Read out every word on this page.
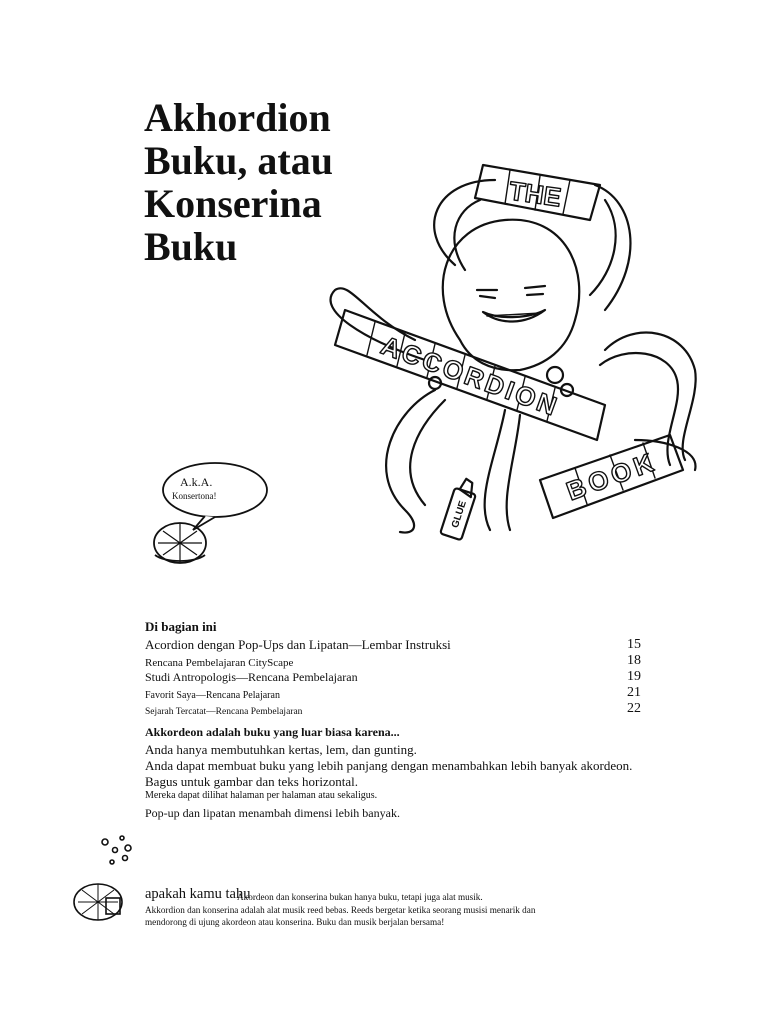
Akhordion
Buku, atau
Konserina
Buku
THE
ACCORDION
BOOK
GLUE
A.k.A.
Konsertona!
Di bagian ini
Acordion dengan Pop-Ups dan Lipatan—Lembar Instruksi	15
Rencana Pembelajaran CityScape	18
Studi Antropologis—Rencana Pembelajaran	19
Favorit Saya—Rencana Pelajaran	21
Sejarah Tercatat—Rencana Pembelajaran	22
Akkordeon adalah buku yang luar biasa karena...
Anda hanya membutuhkan kertas, lem, dan gunting.
Anda dapat membuat buku yang lebih panjang dengan menambahkan lebih banyak akordeon.
Bagus untuk gambar dan teks horizontal.
Mereka dapat dilihat halaman per halaman atau sekaligus.
Pop-up dan lipatan menambah dimensi lebih banyak.
apakah kamu tahu
Akordeon dan konserina bukan hanya buku, tetapi juga alat musik.
Akkordion dan konserina adalah alat musik reed bebas. Reeds bergetar ketika seorang musisi menarik dan
mendorong di ujung akordeon atau konserina. Buku dan musik berjalan bersama!
